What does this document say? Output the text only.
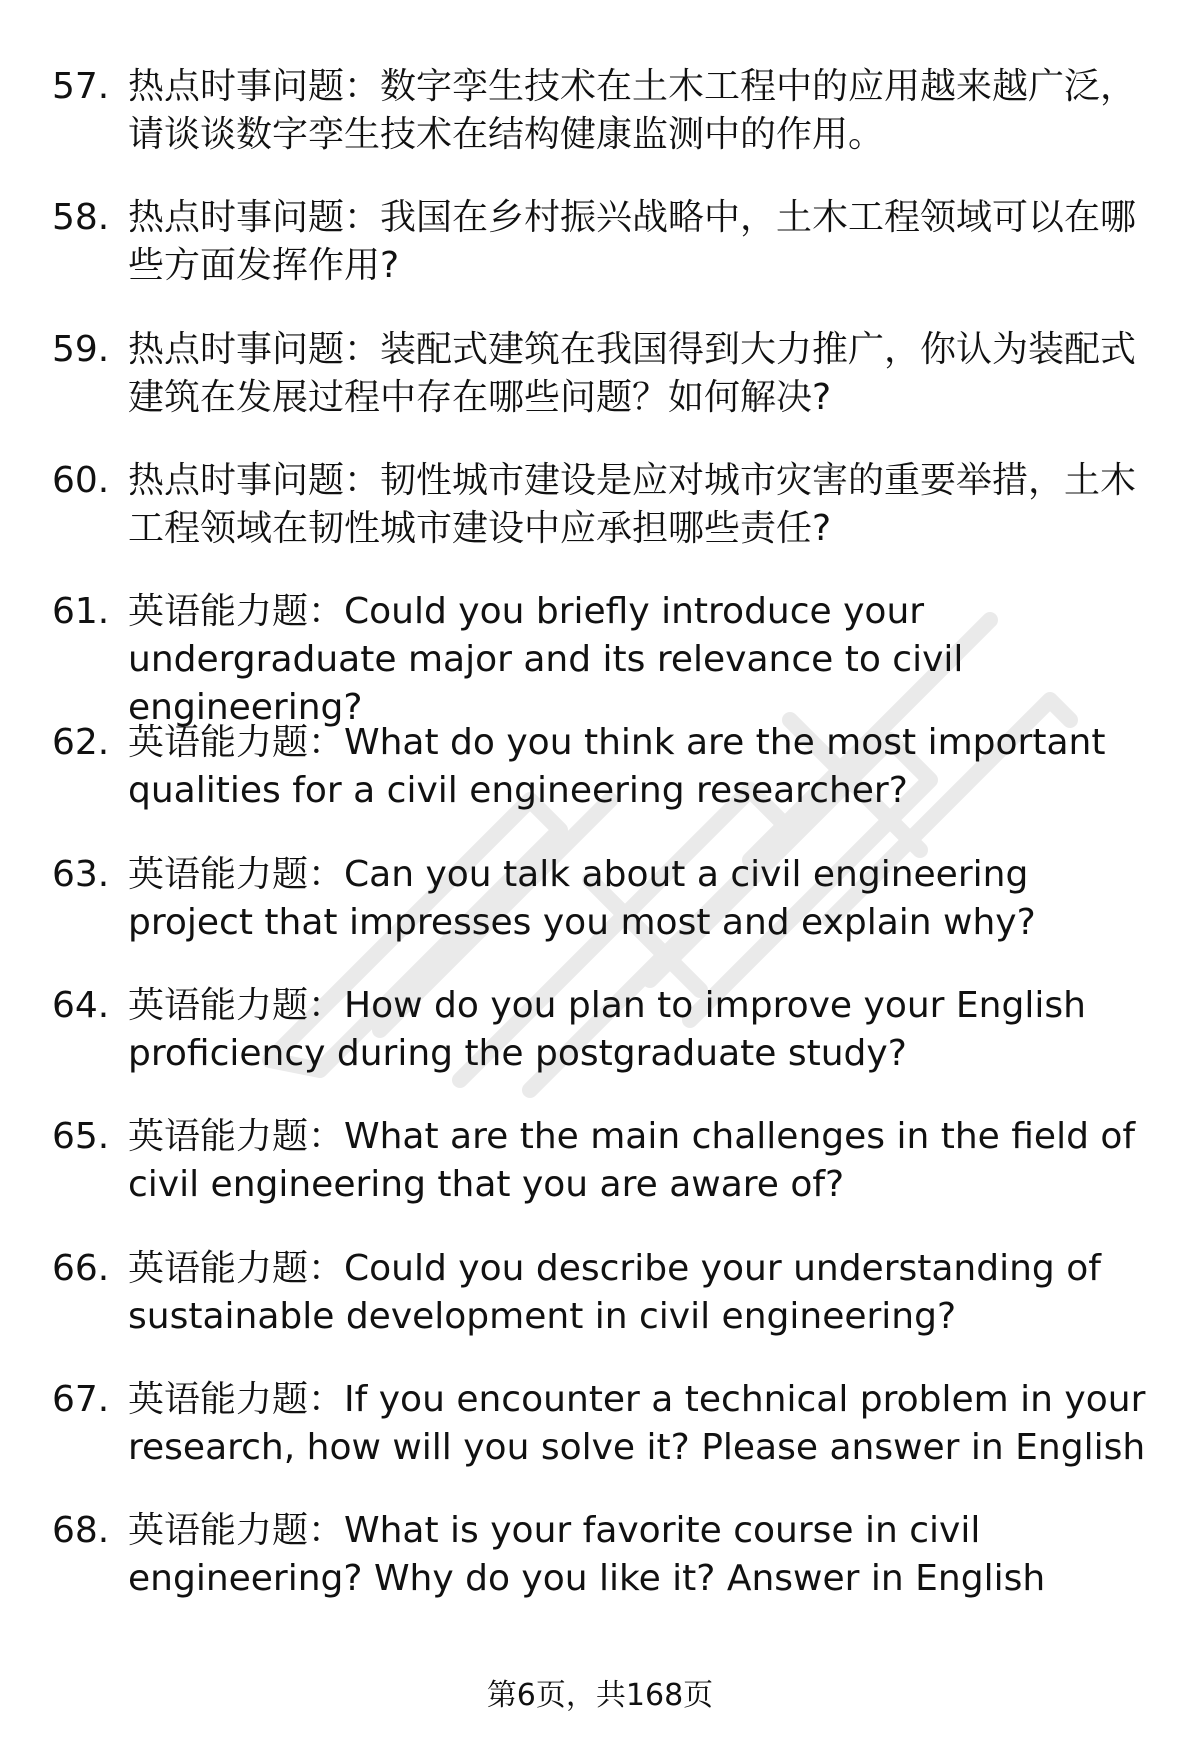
57. 热点时事问题：数字孪生技术在土木工程中的应用越来越广泛，请谈谈数字孪生技术在结构健康监测中的作用。
58. 热点时事问题：我国在乡村振兴战略中，土木工程领域可以在哪些方面发挥作用?
59. 热点时事问题：装配式建筑在我国得到大力推广，你认为装配式建筑在发展过程中存在哪些问题？如何解决?
60. 热点时事问题：韧性城市建设是应对城市灾害的重要举措，土木工程领域在韧性城市建设中应承担哪些责任?
61. 英语能力题：Could you briefly introduce your undergraduate major and its relevance to civil engineering?
62. 英语能力题：What do you think are the most important qualities for a civil engineering researcher?
63. 英语能力题：Can you talk about a civil engineering project that impresses you most and explain why?
64. 英语能力题：How do you plan to improve your English proficiency during the postgraduate study?
65. 英语能力题：What are the main challenges in the field of civil engineering that you are aware of?
66. 英语能力题：Could you describe your understanding of sustainable development in civil engineering?
67. 英语能力题：If you encounter a technical problem in your research, how will you solve it? Please answer in English
68. 英语能力题：What is your favorite course in civil engineering? Why do you like it? Answer in English
第6页，共168页
